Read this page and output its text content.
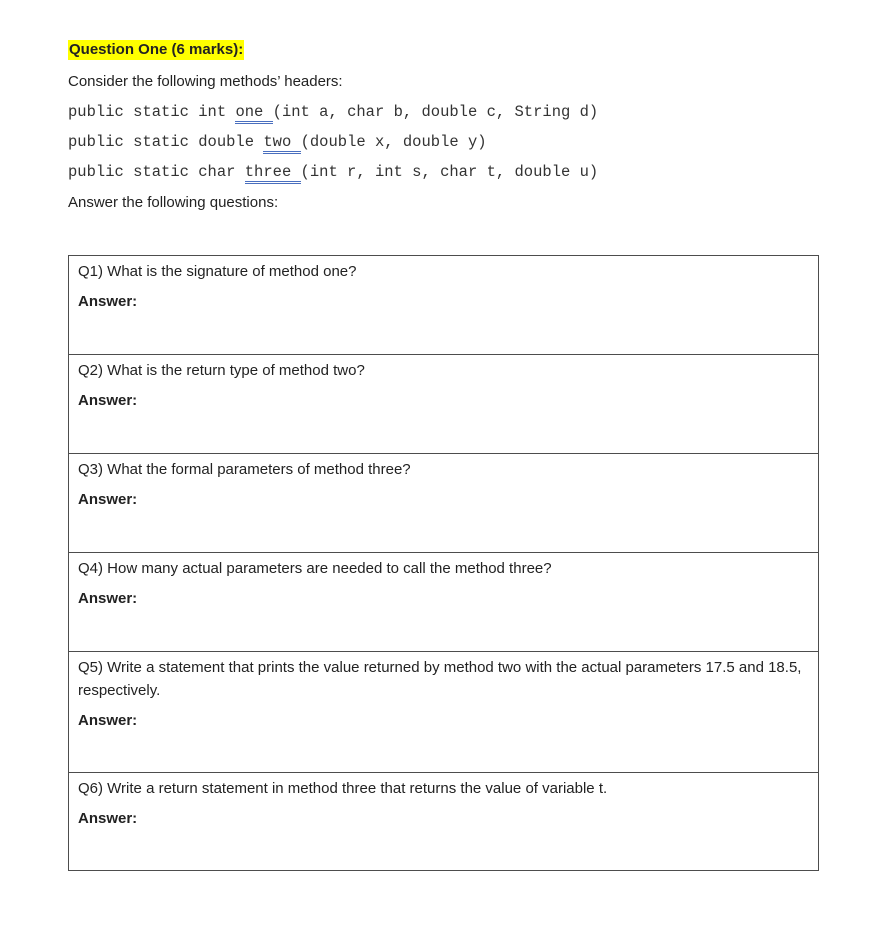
Question One (6 marks):

Consider the following methods’ headers:

public static int one (int a, char b, double c, String d)

public static double two (double x, double y)

public static char three (int r, int s, char t, double u)

Answer the following questions:

Q1) What is the signature of method one?

Answer:

Q2) What is the return type of method two?

Answer:

Q3) What the formal parameters of method three?

Answer:

Q4) How many actual parameters are needed to call the method three?

Answer:

Q5) Write a statement that prints the value returned by method two with the actual parameters 17.5 and 18.5, respectively.

Answer:

Q6) Write a return statement in method three that returns the value of variable t.

Answer:
